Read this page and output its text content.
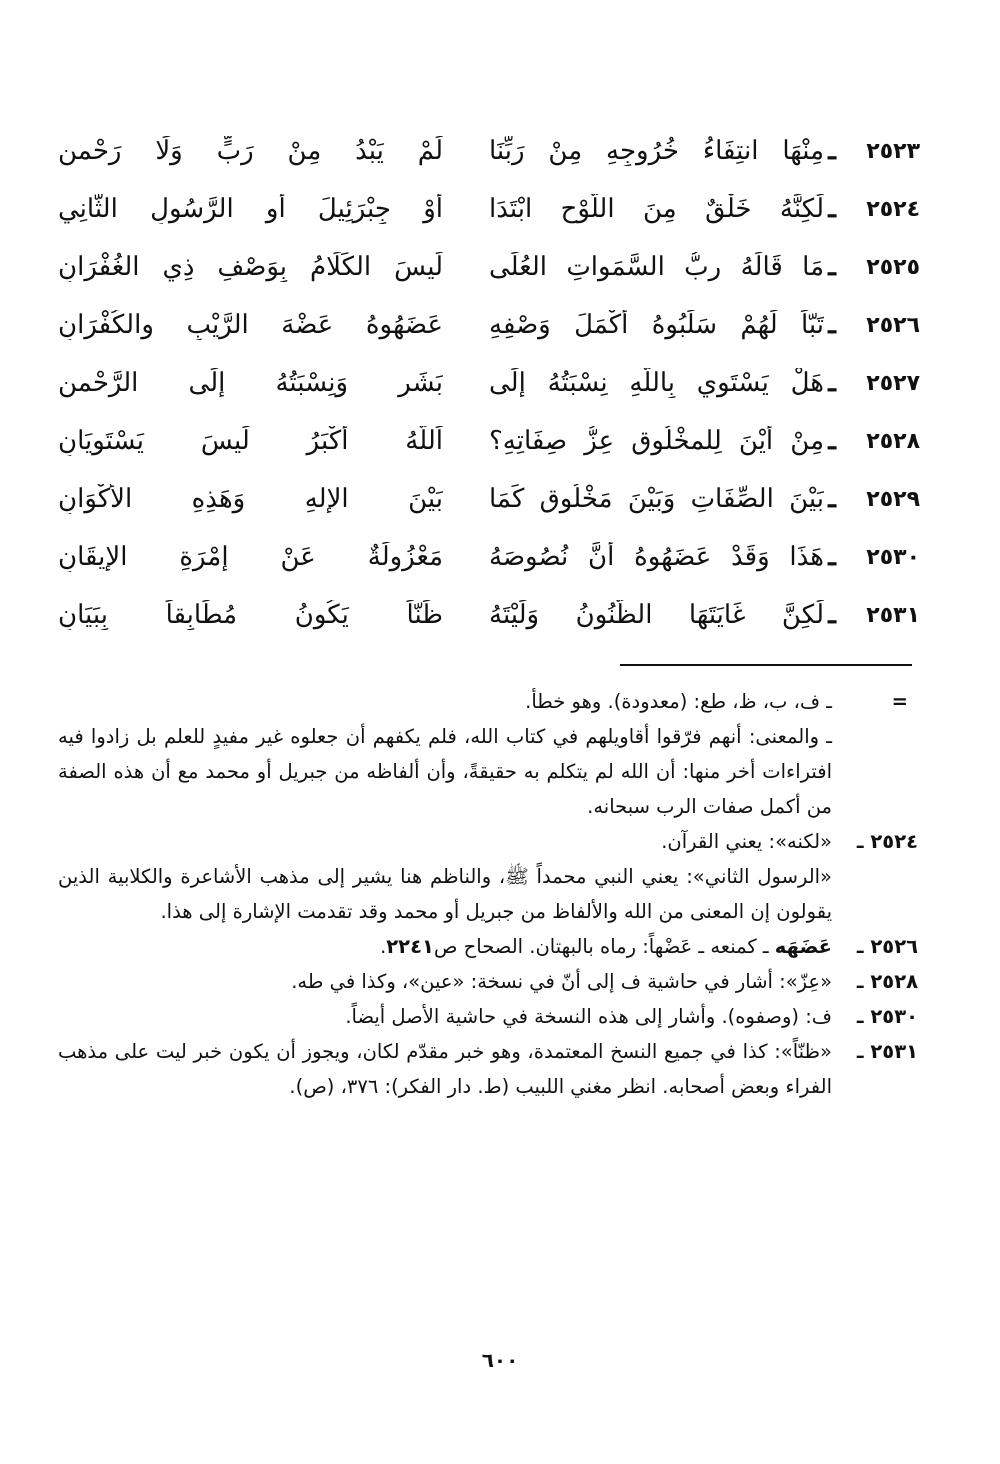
٢٥٢٣
ـ
مِنْهَا انتِفَاءُ خُرُوجِهِ مِنْ رَبِّنَا
لَمْ يَبْدُ مِنْ رَبٍّ وَلَا رَحْمنِ
٢٥٢٤
ـ
لَكِنَّهُ خَلْقٌ مِنَ اللَّوْحِ ابْتَدَا
أَوْ جِبْرَئِيلَ أَوِ الرَّسُولِ الثَّانِي
٢٥٢٥
ـ
مَا قَالَهُ ربُّ السَّمَواتِ العُلَى
لَيسَ الكَلَامُ بِوَصْفِ ذِي الغُفْرَانِ
٢٥٢٦
ـ
تَبّاً لَهُمْ سَلَبُوهُ أَكْمَلَ وَصْفِهِ
عَضَهُوهُ عَضْهَ الرَّيْبِ والكُفْرَانِ
٢٥٢٧
ـ
هَلْ يَسْتَوِي بِاللَّهِ نِسْبَتُهُ إِلَى
بَشَرٍ وَنِسْبَتُهُ إِلَى الرَّحْمنِ
٢٥٢٨
ـ
مِنْ أَيْنَ لِلمخْلُوقِ عِزُّ صِفَاتِهِ؟
اَللَّهُ أَكْبَرُ لَيسَ يَسْتَوِيَانِ
٢٥٢٩
ـ
بَيْنَ الصِّفَاتِ وَبَيْنَ مَخْلُوقٍ كَمَا
بَيْنَ الإِلهِ وَهَذِهِ الأَكْوَانِ
٢٥٣٠
ـ
هَذَا وَقَدْ عَضَهُوهُ أَنَّ نُصُوصَهُ
مَعْزُولَةٌ عَنْ إِمْرَةِ الإِيقَانِ
٢٥٣١
ـ
لَكِنَّ غَايَتَهَا الظُّنُونُ وَلَيْتَهُ
ظَنّاً يَكُونُ مُطَابِقاً بِبَيَانِ
=
ـ ف، ب، ظ، طع: (معدودة). وهو خطأ.
ـ والمعنى: أنهم فرّقوا أقاويلهم في كتاب الله، فلم يكفهم أن جعلوه غير مفيدٍ للعلم بل زادوا فيه افتراءات أخر منها: أن الله لم يتكلم به حقيقةً، وأن ألفاظه من جبريل أو محمد مع أن هذه الصفة من أكمل صفات الرب سبحانه.
٢٥٢٤ ـ
«لكنه»: يعني القرآن.
«الرسول الثاني»: يعني النبي محمداً ﷺ، والناظم هنا يشير إلى مذهب الأشاعرة والكلابية الذين يقولون إن المعنى من الله والألفاظ من جبريل أو محمد وقد تقدمت الإشارة إلى هذا.
٢٥٢٦ ـ
عَضَهَه ـ كمنعه ـ عَضْهاً: رماه بالبهتان. الصحاح ص٢٢٤١.
٢٥٢٨ ـ
«عِزّ»: أشار في حاشية ف إلى أنّ في نسخة: «عين»، وكذا في طه.
٢٥٣٠ ـ
ف: (وصفوه). وأشار إلى هذه النسخة في حاشية الأصل أيضاً.
٢٥٣١ ـ
«ظنّاً»: كذا في جميع النسخ المعتمدة، وهو خبر مقدّم لكان، ويجوز أن يكون خبر ليت على مذهب الفراء وبعض أصحابه. انظر مغني اللبيب (ط. دار الفكر): ٣٧٦، (ص).
٦٠٠
